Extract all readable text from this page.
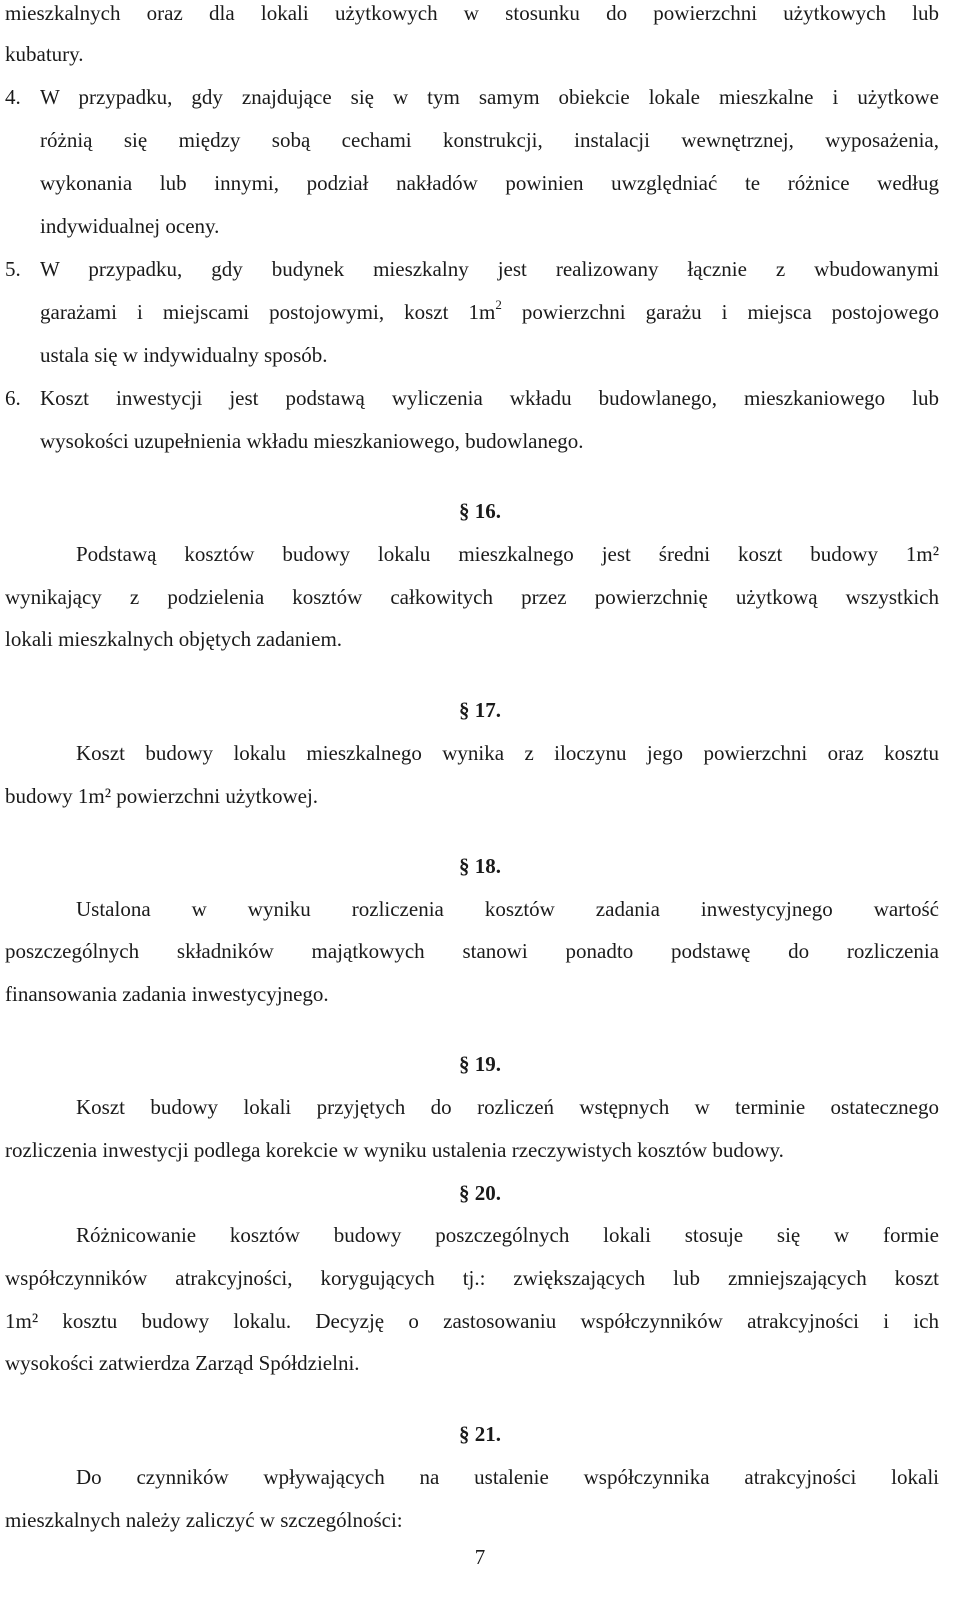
mieszkalnych oraz dla lokali użytkowych w stosunku do powierzchni użytkowych lub
kubatury.
4. W przypadku, gdy znajdujące się w tym samym obiekcie lokale mieszkalne i użytkowe
różnią się między sobą cechami konstrukcji, instalacji wewnętrznej, wyposażenia,
wykonania lub innymi, podział nakładów powinien uwzględniać te różnice według
indywidualnej oceny.
5. W przypadku, gdy budynek mieszkalny jest realizowany łącznie z wbudowanymi
garażami i miejscami postojowymi, koszt $1m^2$ powierzchni garażu i miejsca postojowego
ustala się w indywidualny sposób.
6. Koszt inwestycji jest podstawą wyliczenia wkładu budowlanego, mieszkaniowego lub
wysokości uzupełnienia wkładu mieszkaniowego, budowlanego.
§ 16.
Podstawą kosztów budowy lokalu mieszkalnego jest średni koszt budowy 1m²
wynikający z podzielenia kosztów całkowitych przez powierzchnię użytkową wszystkich
lokali mieszkalnych objętych zadaniem.
§ 17.
Koszt budowy lokalu mieszkalnego wynika z iloczynu jego powierzchni oraz kosztu
budowy 1m² powierzchni użytkowej.
§ 18.
Ustalona w wyniku rozliczenia kosztów zadania inwestycyjnego wartość
poszczególnych składników majątkowych stanowi ponadto podstawę do rozliczenia
finansowania zadania inwestycyjnego.
§ 19.
Koszt budowy lokali przyjętych do rozliczeń wstępnych w terminie ostatecznego
rozliczenia inwestycji podlega korekcie w wyniku ustalenia rzeczywistych kosztów budowy.
§ 20.
Różnicowanie kosztów budowy poszczególnych lokali stosuje się w formie
współczynników atrakcyjności, korygujących tj.: zwiększających lub zmniejszających koszt
1m² kosztu budowy lokalu. Decyzję o zastosowaniu współczynników atrakcyjności i ich
wysokości zatwierdza Zarząd Spółdzielni.
§ 21.
Do czynników wpływających na ustalenie współczynnika atrakcyjności lokali
mieszkalnych należy zaliczyć w szczególności:
7
